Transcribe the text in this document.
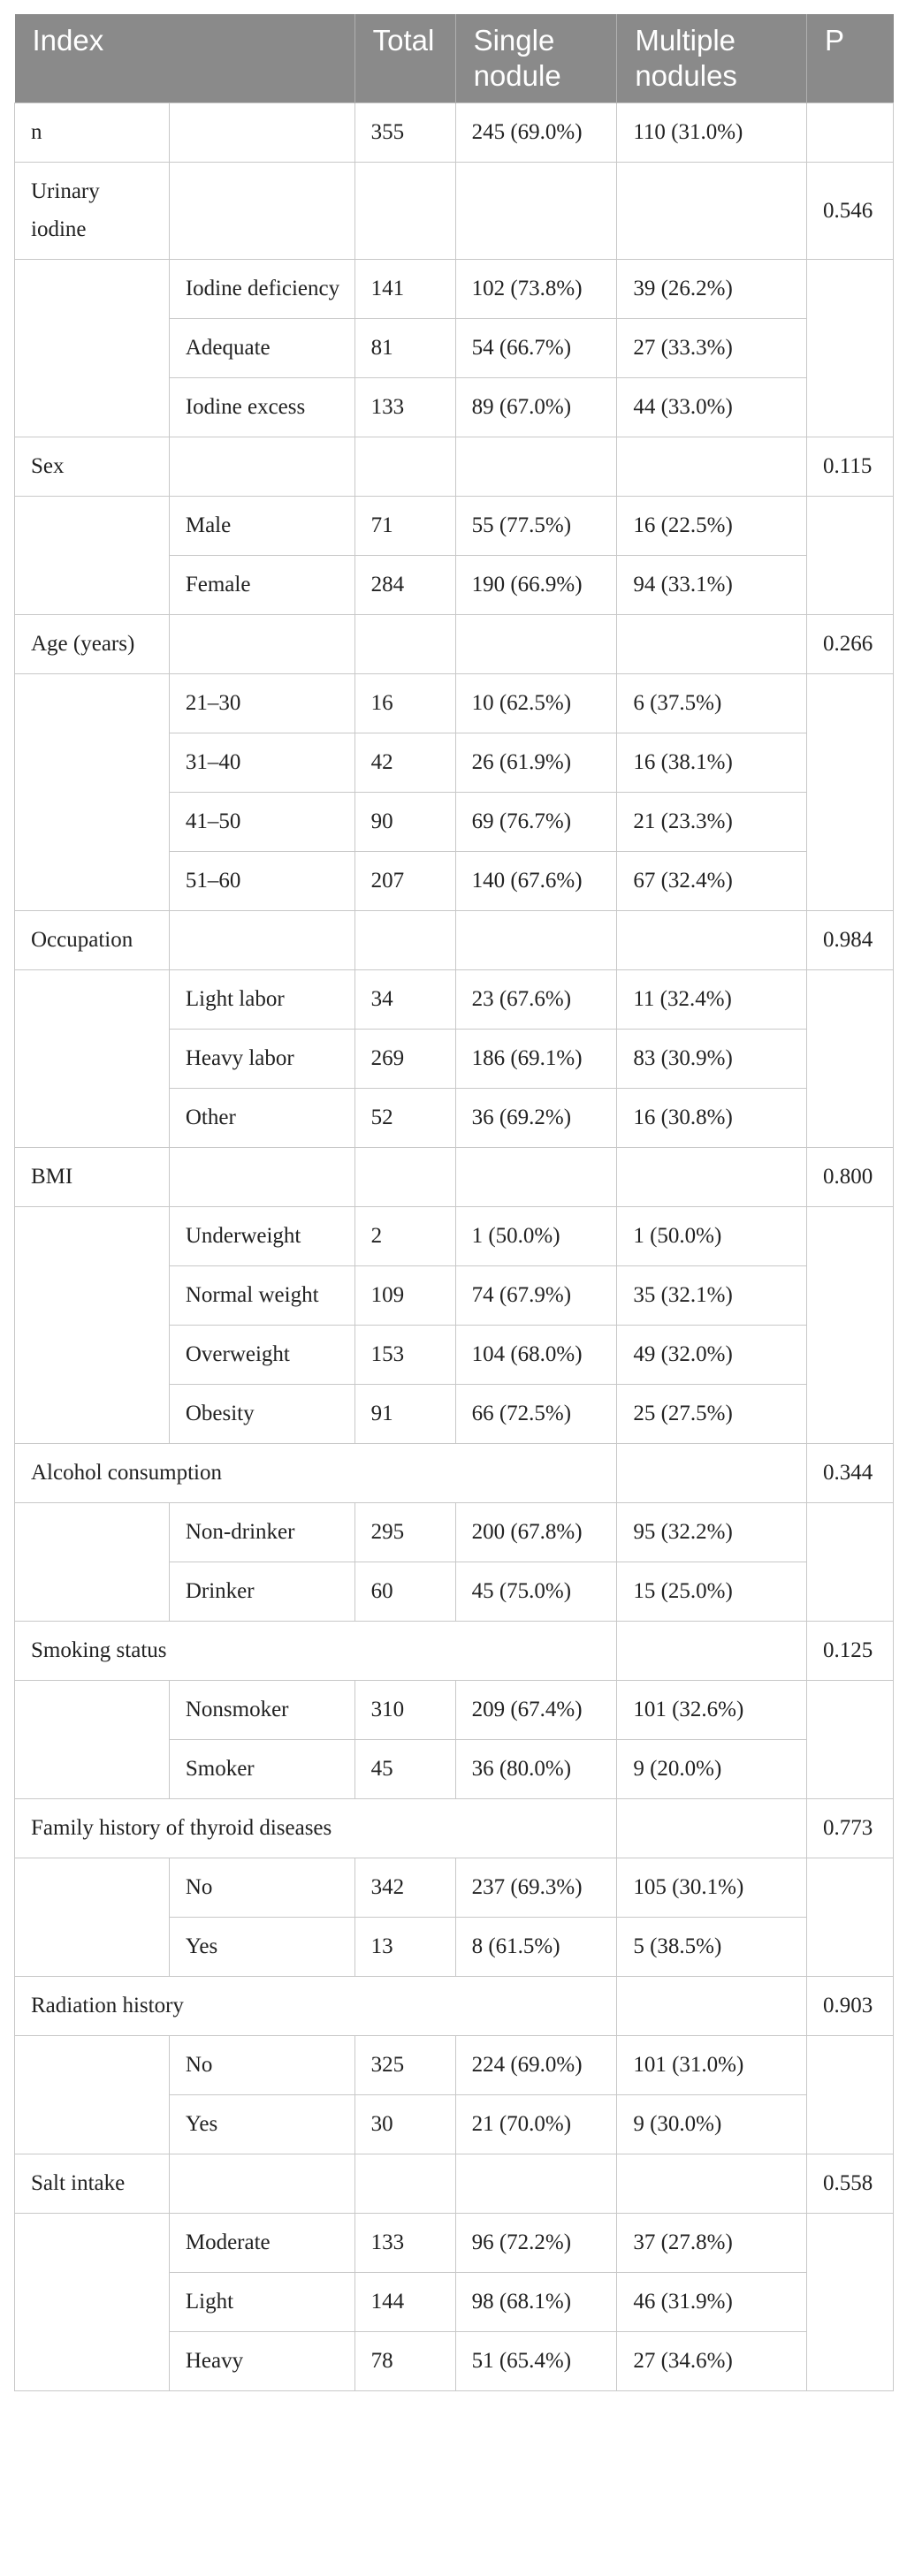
Index		Total	Single nodule	Multiple nodules	P
n		355	245 (69.0%)	110 (31.0%)	
Urinary iodine					0.546
	Iodine deficiency	141	102 (73.8%)	39 (26.2%)	
	Adequate	81	54 (66.7%)	27 (33.3%)	
	Iodine excess	133	89 (67.0%)	44 (33.0%)	
Sex					0.115
	Male	71	55 (77.5%)	16 (22.5%)	
	Female	284	190 (66.9%)	94 (33.1%)	
Age (years)					0.266
	21–30	16	10 (62.5%)	6 (37.5%)	
	31–40	42	26 (61.9%)	16 (38.1%)	
	41–50	90	69 (76.7%)	21 (23.3%)	
	51–60	207	140 (67.6%)	67 (32.4%)	
Occupation					0.984
	Light labor	34	23 (67.6%)	11 (32.4%)	
	Heavy labor	269	186 (69.1%)	83 (30.9%)	
	Other	52	36 (69.2%)	16 (30.8%)	
BMI					0.800
	Underweight	2	1 (50.0%)	1 (50.0%)	
	Normal weight	109	74 (67.9%)	35 (32.1%)	
	Overweight	153	104 (68.0%)	49 (32.0%)	
	Obesity	91	66 (72.5%)	25 (27.5%)	
Alcohol consumption					0.344
	Non-drinker	295	200 (67.8%)	95 (32.2%)	
	Drinker	60	45 (75.0%)	15 (25.0%)	
Smoking status					0.125
	Nonsmoker	310	209 (67.4%)	101 (32.6%)	
	Smoker	45	36 (80.0%)	9 (20.0%)	
Family history of thyroid diseases					0.773
	No	342	237 (69.3%)	105 (30.1%)	
	Yes	13	8 (61.5%)	5 (38.5%)	
Radiation history					0.903
	No	325	224 (69.0%)	101 (31.0%)	
	Yes	30	21 (70.0%)	9 (30.0%)	
Salt intake					0.558
	Moderate	133	96 (72.2%)	37 (27.8%)	
	Light	144	98 (68.1%)	46 (31.9%)	
	Heavy	78	51 (65.4%)	27 (34.6%)	
